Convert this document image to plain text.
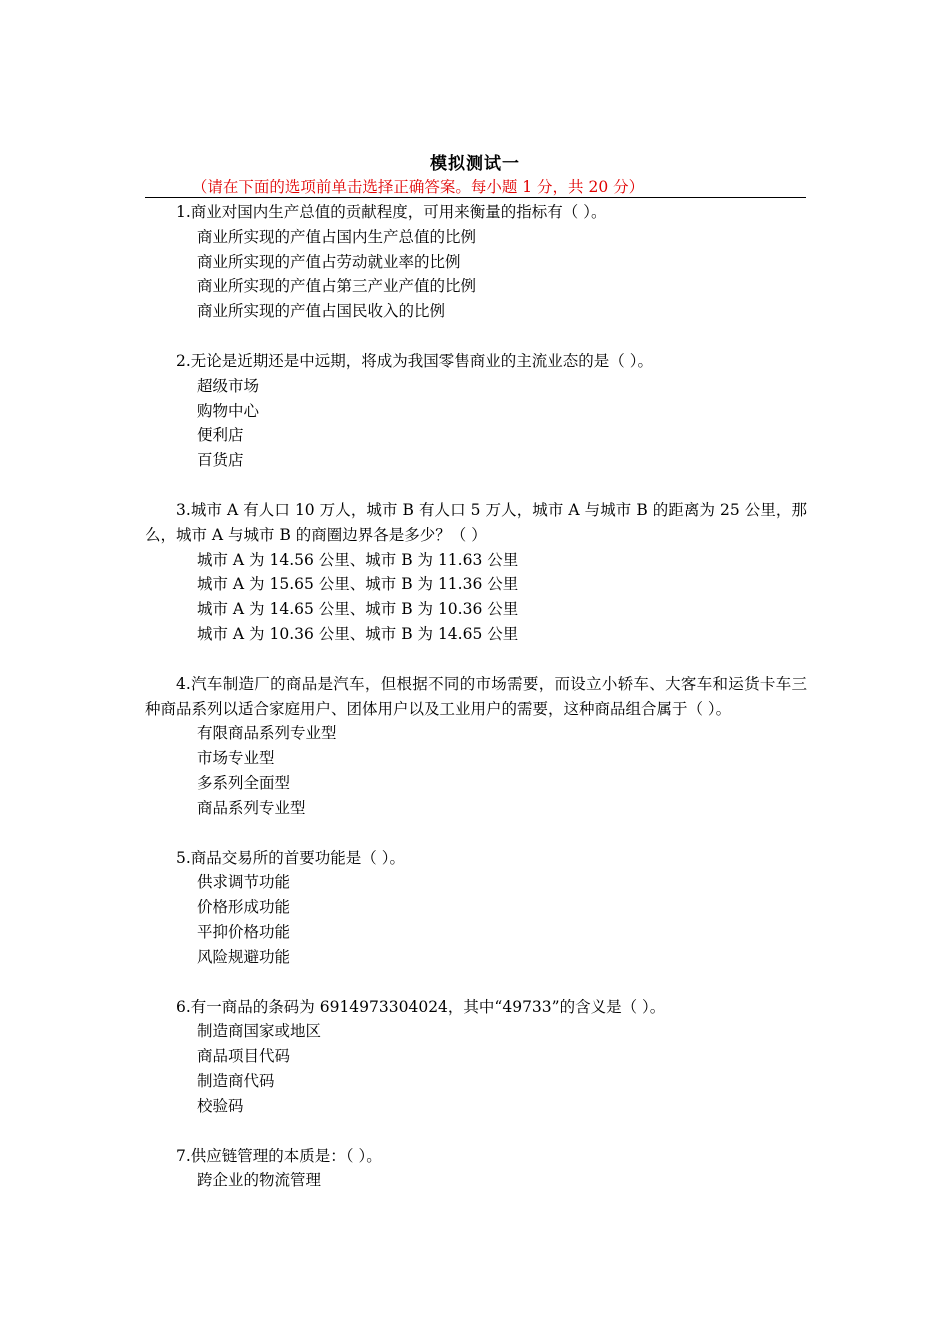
模拟测试一
（请在下面的选项前单击选择正确答案。每小题 1 分，共 20 分）

1.商业对国内生产总值的贡献程度，可用来衡量的指标有（ ）。

商业所实现的产值占国内生产总值的比例
商业所实现的产值占劳动就业率的比例
商业所实现的产值占第三产业产值的比例
商业所实现的产值占国民收入的比例

2.无论是近期还是中远期，将成为我国零售商业的主流业态的是（ ）。

超级市场
购物中心
便利店
百货店

3.城市 A 有人口 10 万人，城市 B 有人口 5 万人，城市 A 与城市 B 的距离为 25 公里，那么，城市 A 与城市 B 的商圈边界各是多少？（ ）

城市 A 为 14.56 公里、城市 B 为 11.63 公里
城市 A 为 15.65 公里、城市 B 为 11.36 公里
城市 A 为 14.65 公里、城市 B 为 10.36 公里
城市 A 为 10.36 公里、城市 B 为 14.65 公里

4.汽车制造厂的商品是汽车，但根据不同的市场需要，而设立小轿车、大客车和运货卡车三种商品系列以适合家庭用户、团体用户以及工业用户的需要，这种商品组合属于（ ）。

有限商品系列专业型
市场专业型
多系列全面型
商品系列专业型

5.商品交易所的首要功能是（ ）。

供求调节功能
价格形成功能
平抑价格功能
风险规避功能

6.有一商品的条码为 6914973304024，其中“49733”的含义是（ ）。

制造商国家或地区
商品项目代码
制造商代码
校验码

7.供应链管理的本质是：（ ）。

跨企业的物流管理
